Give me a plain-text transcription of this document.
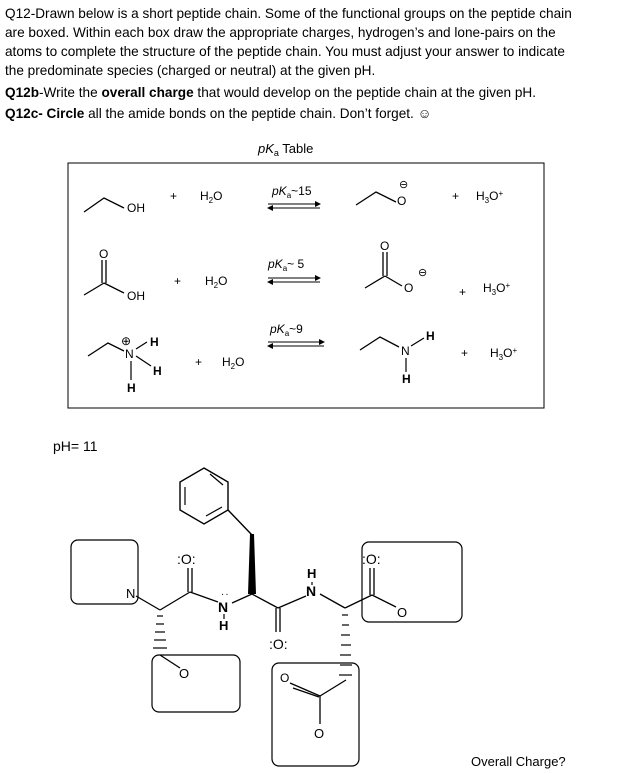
Q12-Drawn below is a short peptide chain. Some of the functional groups on the peptide chain
are boxed. Within each box draw the appropriate charges, hydrogen’s and lone-pairs on the
atoms to complete the structure of the peptide chain. You must adjust your answer to indicate
the predominate species (charged or neutral) at the given pH.
Q12b-Write the overall charge that would develop on the peptide chain at the given pH.
Q12c- Circle all the amide bonds on the peptide chain. Don’t forget. ☺
$pK_a$ Table
OH
+ $H_2O$	$pK_a\sim 15$
O
⊖
+ $H_3O^+$
O
OH
+ $H_2O$
$pK_a\sim$ 5
O
O
⊖
+ $H_3O^+$
N
⊕ H
H
H
+ $H_2O$
$pK_a\sim 9$
N
H
H
+ $H_3O^+$
pH= 11
N
:O:
N
:
H
:O:
N
H
:O:
O
O	O
O
Overall Charge?
